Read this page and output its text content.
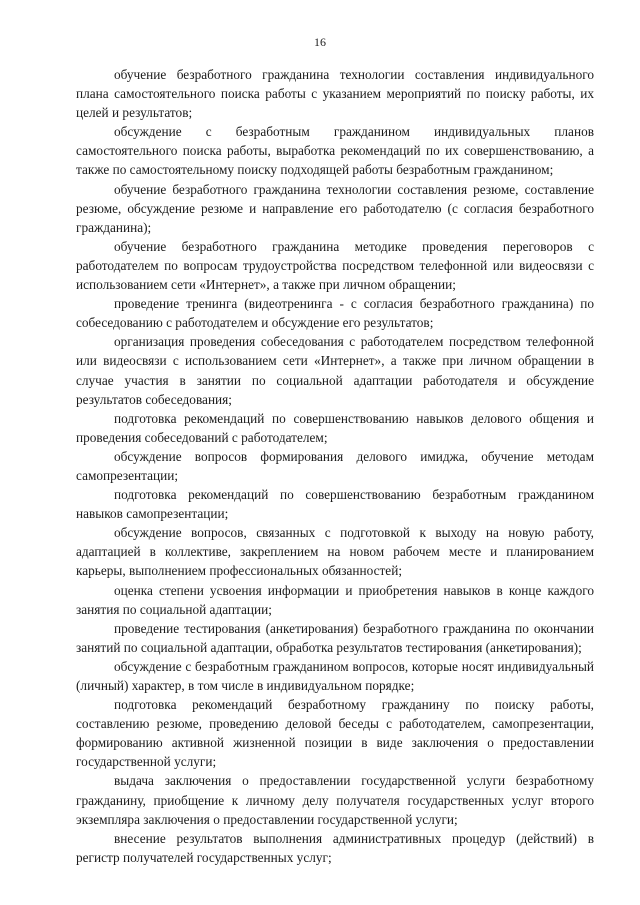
16

обучение безработного гражданина технологии составления индивидуального плана самостоятельного поиска работы с указанием мероприятий по поиску работы, их целей и результатов;

обсуждение с безработным гражданином индивидуальных планов самостоятельного поиска работы, выработка рекомендаций по их совершенствованию, а также по самостоятельному поиску подходящей работы безработным гражданином;

обучение безработного гражданина технологии составления резюме, составление резюме, обсуждение резюме и направление его работодателю (с согласия безработного гражданина);

обучение безработного гражданина методике проведения переговоров с работодателем по вопросам трудоустройства посредством телефонной или видеосвязи с использованием сети «Интернет», а также при личном обращении;

проведение тренинга (видеотренинга - с согласия безработного гражданина) по собеседованию с работодателем и обсуждение его результатов;

организация проведения собеседования с работодателем посредством телефонной или видеосвязи с использованием сети «Интернет», а также при личном обращении в случае участия в занятии по социальной адаптации работодателя и обсуждение результатов собеседования;

подготовка рекомендаций по совершенствованию навыков делового общения и проведения собеседований с работодателем;

обсуждение вопросов формирования делового имиджа, обучение методам самопрезентации;

подготовка рекомендаций по совершенствованию безработным гражданином навыков самопрезентации;

обсуждение вопросов, связанных с подготовкой к выходу на новую работу, адаптацией в коллективе, закреплением на новом рабочем месте и планированием карьеры, выполнением профессиональных обязанностей;

оценка степени усвоения информации и приобретения навыков в конце каждого занятия по социальной адаптации;

проведение тестирования (анкетирования) безработного гражданина по окончании занятий по социальной адаптации, обработка результатов тестирования (анкетирования);

обсуждение с безработным гражданином вопросов, которые носят индивидуальный (личный) характер, в том числе в индивидуальном порядке;

подготовка рекомендаций безработному гражданину по поиску работы, составлению резюме, проведению деловой беседы с работодателем, самопрезентации, формированию активной жизненной позиции в виде заключения о предоставлении государственной услуги;

выдача заключения о предоставлении государственной услуги безработному гражданину, приобщение к личному делу получателя государственных услуг второго экземпляра заключения о предоставлении государственной услуги;

внесение результатов выполнения административных процедур (действий) в регистр получателей государственных услуг;
